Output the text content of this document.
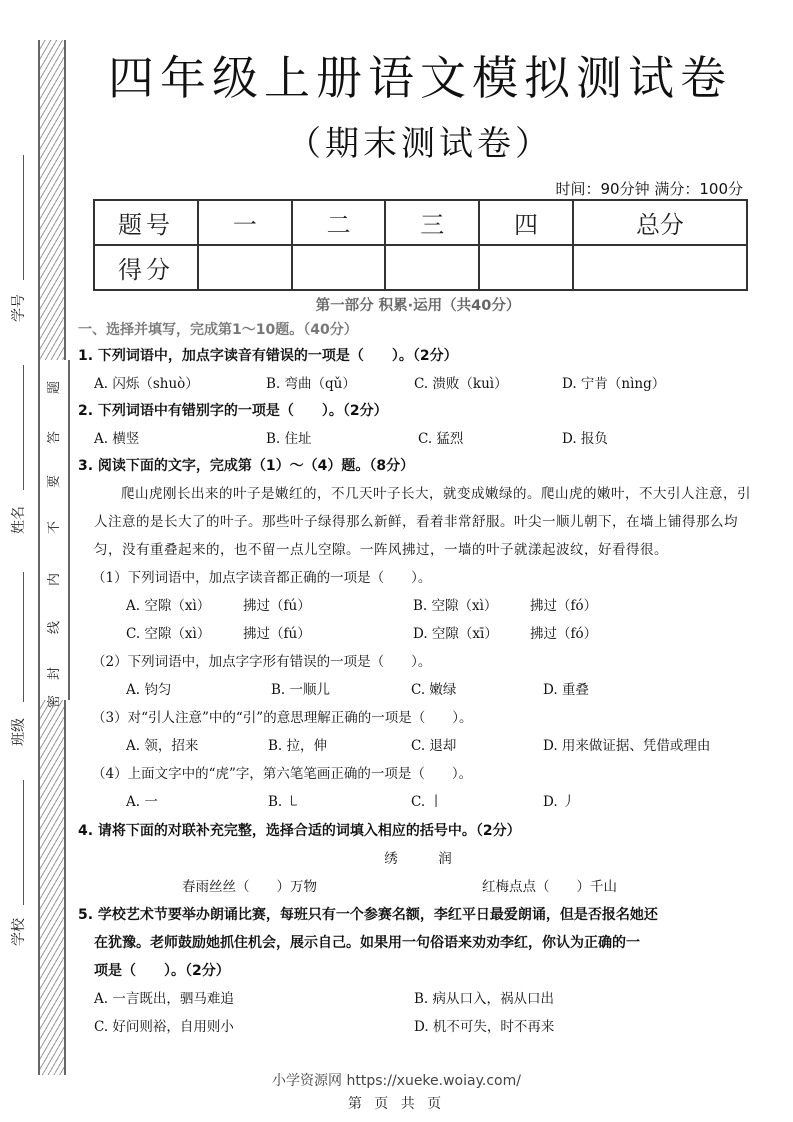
题
答
要
不
内
线
封
密
学号
姓名
班级
学校
四年级上册语文模拟测试卷
（期末测试卷）
时间：90分钟 满分：100分
题号	一	二	三	四	总分
得分					
第一部分 积累·运用（共40分）
一、选择并填写，完成第1～10题。（40分）
1. 下列词语中，加点字读音有错误的一项是（　　）。（2分）
A. 闪烁（shuò）	B. 弯曲（qǔ）	C. 溃败（kuì）	D. 宁肯（nìng）
2. 下列词语中有错别字的一项是（　　）。（2分）
A. 横竖	B. 住址	C. 猛烈	D. 报负
3. 阅读下面的文字，完成第（1）～（4）题。（8分）

爬山虎刚长出来的叶子是嫩红的，不几天叶子长大，就变成嫩绿的。爬山虎的嫩叶，不大引人注意，引人注意的是长大了的叶子。那些叶子绿得那么新鲜，看着非常舒服。叶尖一顺儿朝下，在墙上铺得那么均匀，没有重叠起来的，也不留一点儿空隙。一阵风拂过，一墙的叶子就漾起波纹，好看得很。

（1）下列词语中，加点字读音都正确的一项是（　　）。
A. 空隙（xì）	拂过（fú）	B. 空隙（xì）	拂过（fó）
C. 空隙（xì）	拂过（fú）	D. 空隙（xī）	拂过（fó）
（2）下列词语中，加点字字形有错误的一项是（　　）。
A. 钧匀	B. 一顺儿	C. 嫩绿	D. 重叠
（3）对“引人注意”中的“引”的意思理解正确的一项是（　　）。
A. 领，招来	B. 拉，伸	C. 退却	D. 用来做证据、凭借或理由
（4）上面文字中的“虎”字，第六笔笔画正确的一项是（　　）。
A. 一	B. ㇄	C. 丨	D. 丿
4. 请将下面的对联补充完整，选择合适的词填入相应的括号中。（2分）
绣　　　润
春雨丝丝（　　）万物	红梅点点（　　）千山
5. 学校艺术节要举办朗诵比赛，每班只有一个参赛名额，李红平日最爱朗诵，但是否报名她还
在犹豫。老师鼓励她抓住机会，展示自己。如果用一句俗语来劝劝李红，你认为正确的一
项是（　　）。（2分）
A. 一言既出，驷马难追	B. 病从口入，祸从口出
C. 好问则裕，自用则小	D. 机不可失，时不再来
小学资源网 https://xueke.woiay.com/
第 页 共 页
